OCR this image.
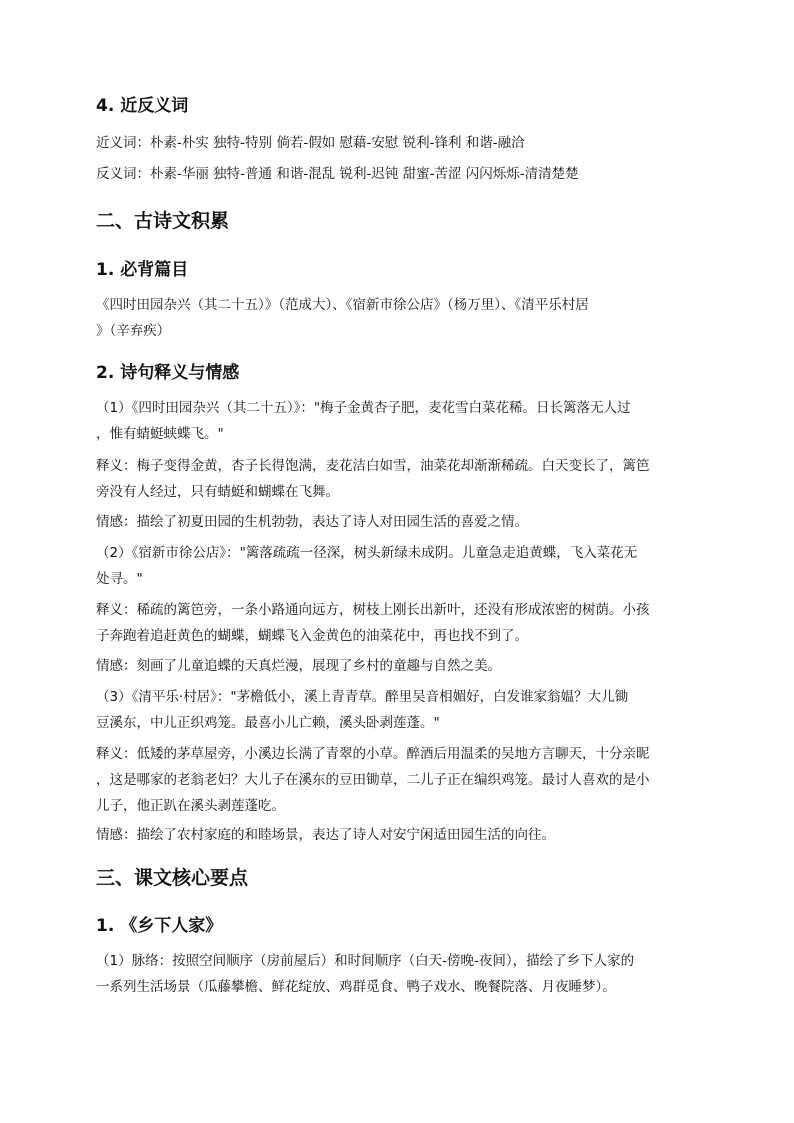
4. 近反义词

近义词：朴素-朴实 独特-特别 倘若-假如 慰藉-安慰 锐利-锋利 和谐-融洽

反义词：朴素-华丽 独特-普通 和谐-混乱 锐利-迟钝 甜蜜-苦涩 闪闪烁烁-清清楚楚

二、古诗文积累
1. 必背篇目
《四时田园杂兴（其二十五）》（范成大）、《宿新市徐公店》（杨万里）、《清平乐村居
》（辛弃疾）
2. 诗句释义与情感
（1）《四时田园杂兴（其二十五）》："梅子金黄杏子肥，麦花雪白菜花稀。日长篱落无人过
，惟有蜻蜓蛱蝶飞。"
释义：梅子变得金黄，杏子长得饱满，麦花洁白如雪，油菜花却渐渐稀疏。白天变长了，篱笆
旁没有人经过，只有蜻蜓和蝴蝶在飞舞。

情感：描绘了初夏田园的生机勃勃，表达了诗人对田园生活的喜爱之情。

（2）《宿新市徐公店》："篱落疏疏一径深，树头新绿未成阴。儿童急走追黄蝶，飞入菜花无
处寻。"
释义：稀疏的篱笆旁，一条小路通向远方，树枝上刚长出新叶，还没有形成浓密的树荫。小孩
子奔跑着追赶黄色的蝴蝶，蝴蝶飞入金黄色的油菜花中，再也找不到了。

情感：刻画了儿童追蝶的天真烂漫，展现了乡村的童趣与自然之美。

（3）《清平乐·村居》："茅檐低小，溪上青青草。醉里吴音相媚好，白发谁家翁媪？大儿锄
豆溪东，中儿正织鸡笼。最喜小儿亡赖，溪头卧剥莲蓬。"
释义：低矮的茅草屋旁，小溪边长满了青翠的小草。醉酒后用温柔的吴地方言聊天，十分亲昵
，这是哪家的老翁老妇？大儿子在溪东的豆田锄草，二儿子正在编织鸡笼。最讨人喜欢的是小
儿子，他正趴在溪头剥莲蓬吃。

情感：描绘了农村家庭的和睦场景，表达了诗人对安宁闲适田园生活的向往。

三、课文核心要点
1. 《乡下人家》
（1）脉络：按照空间顺序（房前屋后）和时间顺序（白天-傍晚-夜间），描绘了乡下人家的
一系列生活场景（瓜藤攀檐、鲜花绽放、鸡群觅食、鸭子戏水、晚餐院落、月夜睡梦）。
